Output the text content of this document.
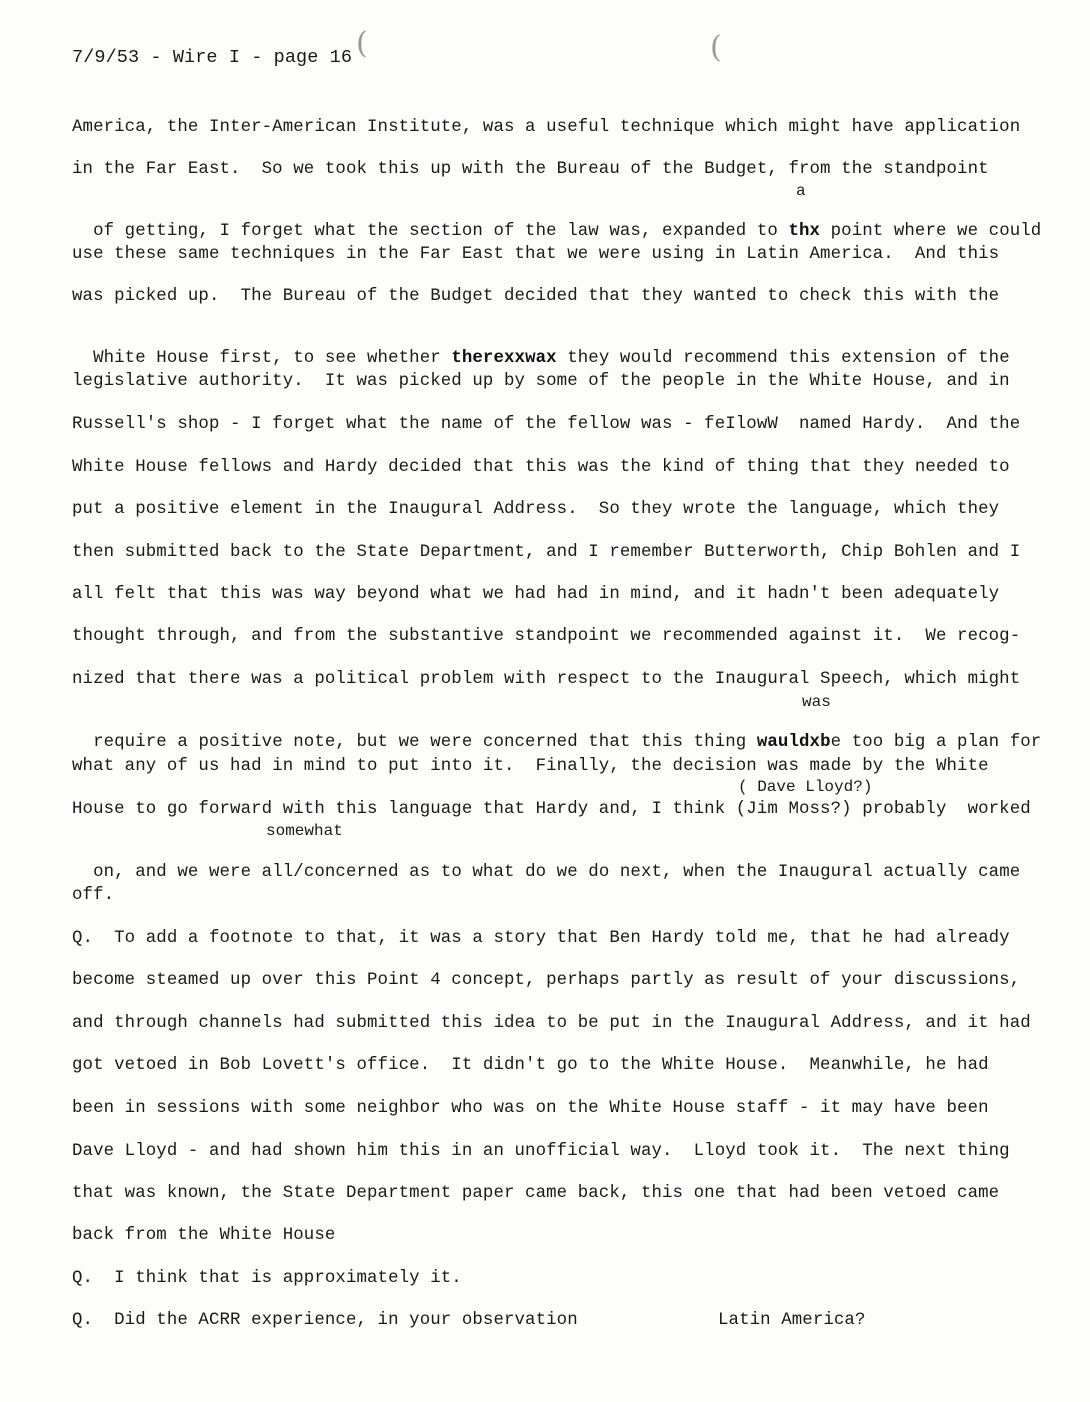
7/9/53 - Wire I - page 16 (	(
America, the Inter-American Institute, was a useful technique which might have application
in the Far East.  So we took this up with the Bureau of the Budget, from the standpoint

of getting, I forget what the section of the law was, expanded to thx point where we could

a
use these same techniques in the Far East that we were using in Latin America.  And this
was picked up.  The Bureau of the Budget decided that they wanted to check this with the

White House first, to see whether therexxwax they would recommend this extension of the

legislative authority.  It was picked up by some of the people in the White House, and in
Russell's shop - I forget what the name of the fellow was - feIlowW  named Hardy.  And the
White House fellows and Hardy decided that this was the kind of thing that they needed to
put a positive element in the Inaugural Address.  So they wrote the language, which they
then submitted back to the State Department, and I remember Butterworth, Chip Bohlen and I
all felt that this was way beyond what we had had in mind, and it hadn't been adequately
thought through, and from the substantive standpoint we recommended against it.  We recog-
nized that there was a political problem with respect to the Inaugural Speech, which might
was

require a positive note, but we were concerned that this thing wauldxbe too big a plan for

what any of us had in mind to put into it.  Finally, the decision was made by the White
( Dave Lloyd?)
House to go forward with this language that Hardy and, I think (Jim Moss?) probably  worked
somewhat

on, and we were all/concerned as to what do we do next, when the Inaugural actually came

off.
Q.  To add a footnote to that, it was a story that Ben Hardy told me, that he had already
become steamed up over this Point 4 concept, perhaps partly as result of your discussions,
and through channels had submitted this idea to be put in the Inaugural Address, and it had
got vetoed in Bob Lovett's office.  It didn't go to the White House.  Meanwhile, he had
been in sessions with some neighbor who was on the White House staff - it may have been
Dave Lloyd - and had shown him this in an unofficial way.  Lloyd took it.  The next thing
that was known, the State Department paper came back, this one that had been vetoed came
back from the White House
Q.  I think that is approximately it.
Q.  Did the ACRR experience, in your observation	Latin America?
